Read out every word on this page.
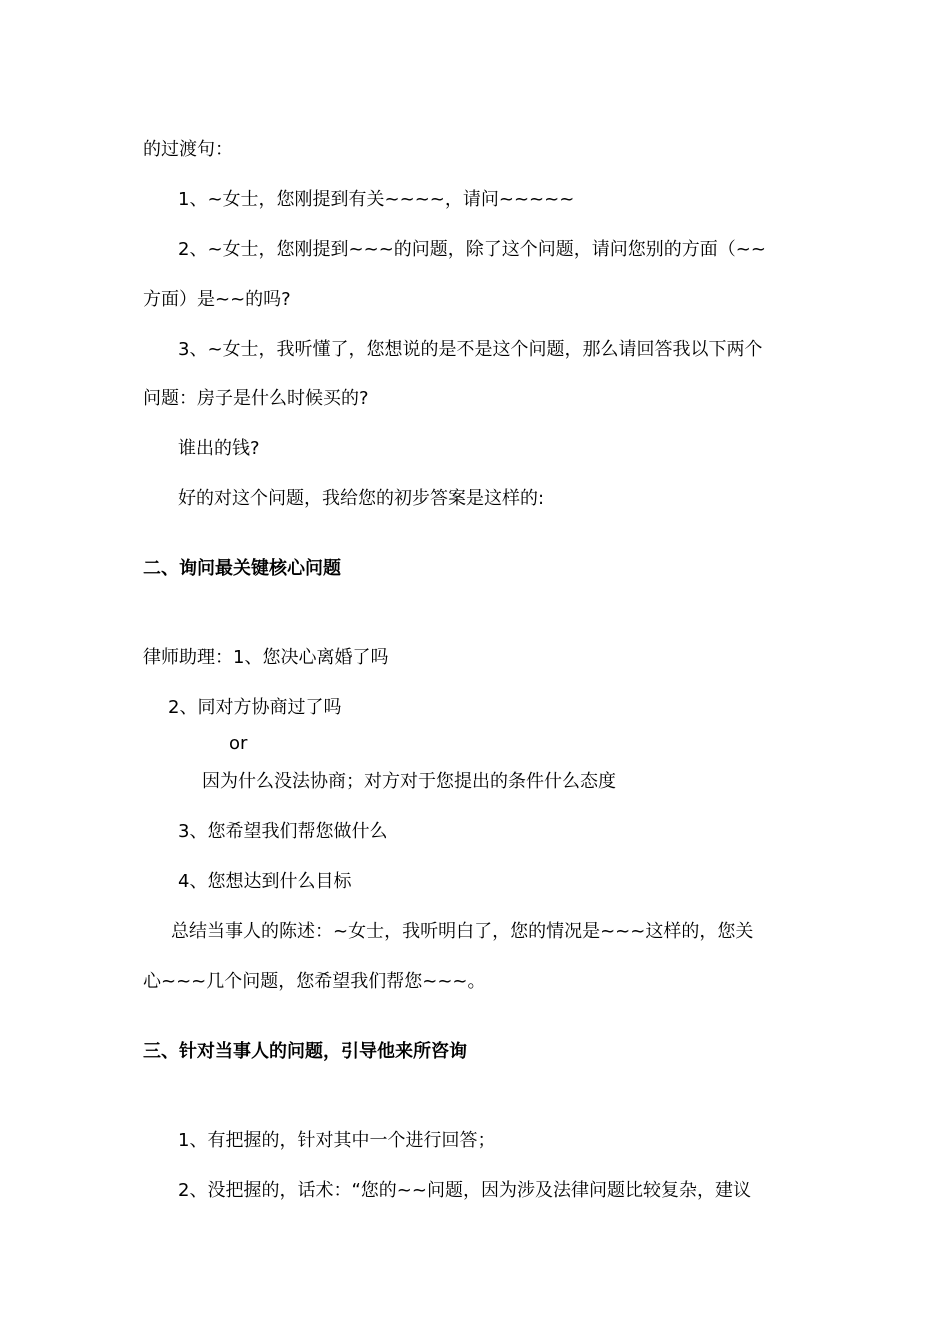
的过渡句：
1、~女士，您刚提到有关~~~~，请问~~~~~
2、~女士，您刚提到~~~的问题，除了这个问题，请问您别的方面（~~
方面）是~~的吗?
3、~女士，我听懂了，您想说的是不是这个问题，那么请回答我以下两个
问题：房子是什么时候买的?
谁出的钱?
好的对这个问题，我给您的初步答案是这样的:
二、询问最关键核心问题
律师助理：1、您决心离婚了吗
2、同对方协商过了吗
or
因为什么没法协商；对方对于您提出的条件什么态度
3、您希望我们帮您做什么
4、您想达到什么目标
总结当事人的陈述：~女士，我听明白了，您的情况是~~~这样的，您关
心~~~几个问题，您希望我们帮您~~~。
三、针对当事人的问题，引导他来所咨询
1、有把握的，针对其中一个进行回答；
2、没把握的，话术：“您的~~问题，因为涉及法律问题比较复杂，建议
